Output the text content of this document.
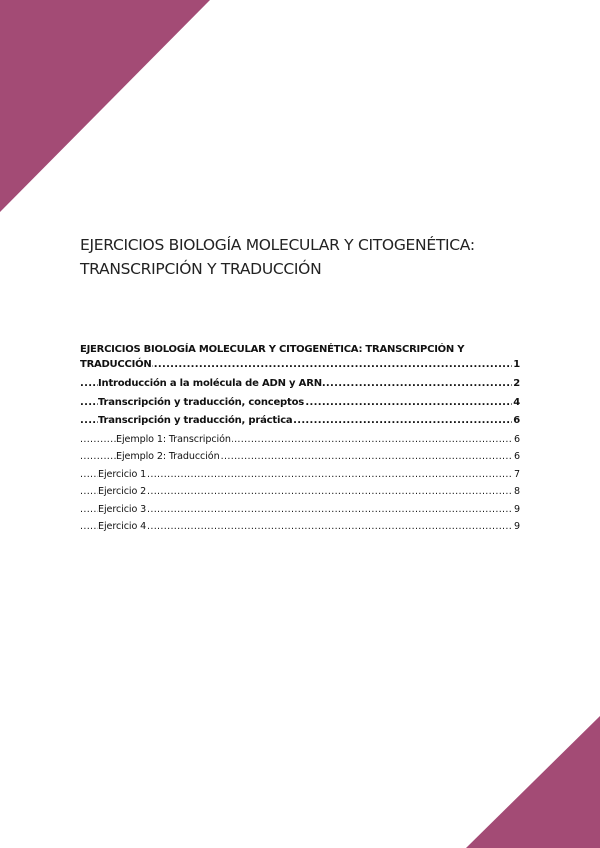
EJERCICIOS BIOLOGÍA MOLECULAR Y CITOGENÉTICA:
TRANSCRIPCIÓN Y TRADUCCIÓN
EJERCICIOS BIOLOGÍA MOLECULAR Y CITOGENÉTICA: TRANSCRIPCIÓN Y
.....
TRADUCCIÓN	1
.....
Introducción a la molécula de ADN y ARN.	2
.....
Transcripción y traducción, conceptos	4
.....
Transcripción y traducción, práctica	6
.....
Ejemplo 1: Transcripción	6
.....
Ejemplo 2: Traducción	6
.....
Ejercicio 1	7
.....
Ejercicio 2	8
.....
Ejercicio 3	9
.....
Ejercicio 4	9
